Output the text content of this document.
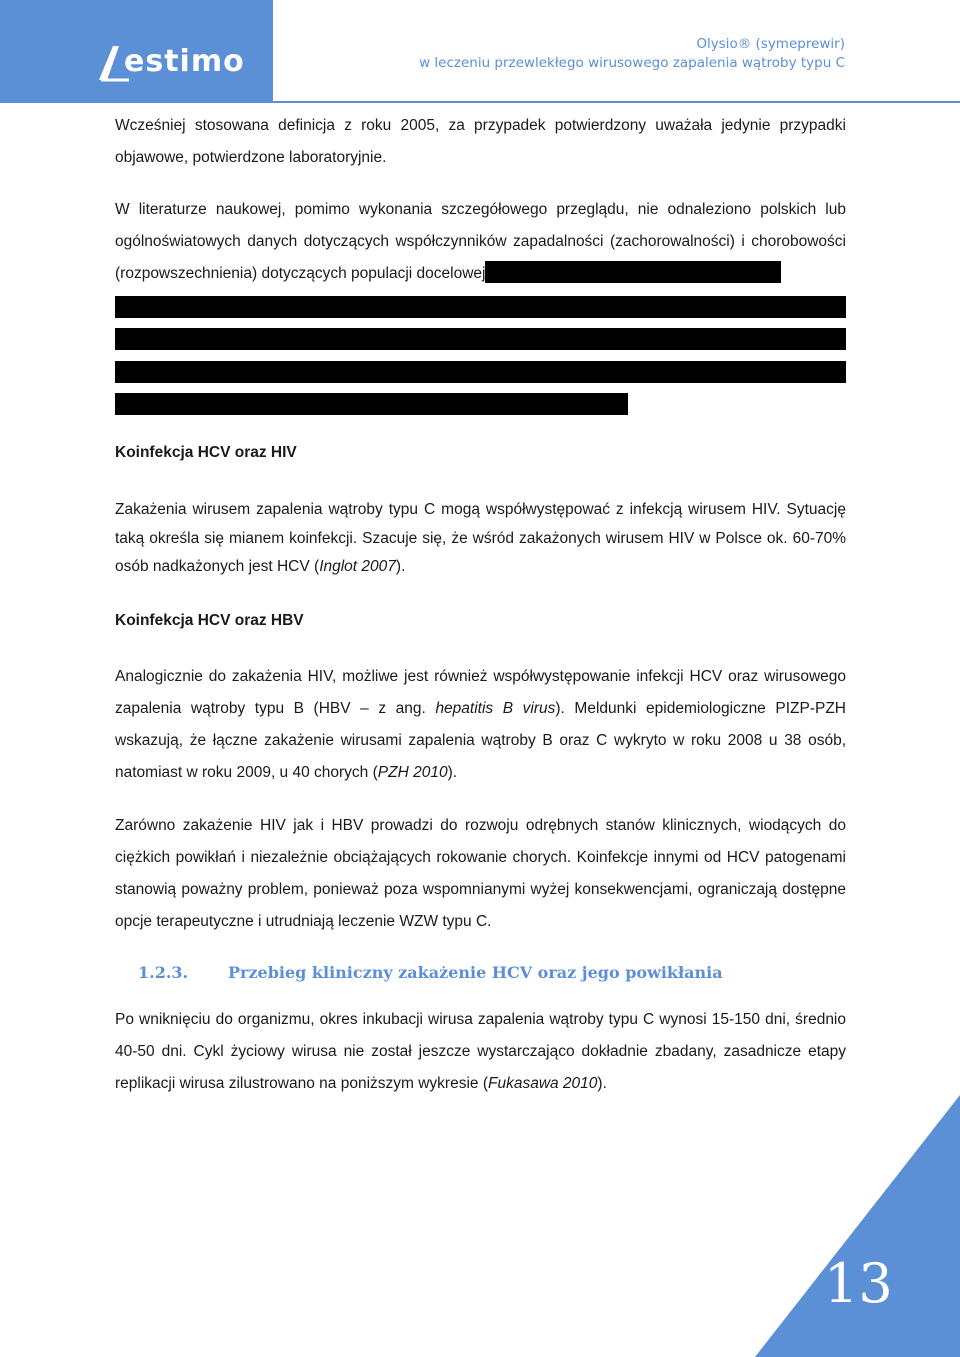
estimo	Olysio® (symeprewir)
w leczeniu przewlekłego wirusowego zapalenia wątroby typu C

Wcześniej stosowana definicja z roku 2005, za przypadek potwierdzony uważała jedynie przypadki objawowe, potwierdzone laboratoryjnie.

W literaturze naukowej, pomimo wykonania szczegółowego przeglądu, nie odnaleziono polskich lub ogólnoświatowych danych dotyczących współczynników zapadalności (zachorowalności) i chorobowości (rozpowszechnienia) dotyczących populacji docelowej

Koinfekcja HCV oraz HIV

Zakażenia wirusem zapalenia wątroby typu C mogą współwystępować z infekcją wirusem HIV. Sytuację taką określa się mianem koinfekcji. Szacuje się, że wśród zakażonych wirusem HIV w Polsce ok. 60-70% osób nadkażonych jest HCV (Inglot 2007).

Koinfekcja HCV oraz HBV

Analogicznie do zakażenia HIV, możliwe jest również współwystępowanie infekcji HCV oraz wirusowego zapalenia wątroby typu B (HBV – z ang. hepatitis B virus). Meldunki epidemiologiczne PIZP-PZH wskazują, że łączne zakażenie wirusami zapalenia wątroby B oraz C wykryto w roku 2008 u 38 osób, natomiast w roku 2009, u 40 chorych (PZH 2010).

Zarówno zakażenie HIV jak i HBV prowadzi do rozwoju odrębnych stanów klinicznych, wiodących do ciężkich powikłań i niezależnie obciążających rokowanie chorych. Koinfekcje innymi od HCV patogenami stanowią poważny problem, ponieważ poza wspomnianymi wyżej konsekwencjami, ograniczają dostępne opcje terapeutyczne i utrudniają leczenie WZW typu C.

1.2.3. Przebieg kliniczny zakażenie HCV oraz jego powikłania

Po wniknięciu do organizmu, okres inkubacji wirusa zapalenia wątroby typu C wynosi 15-150 dni, średnio 40-50 dni. Cykl życiowy wirusa nie został jeszcze wystarczająco dokładnie zbadany, zasadnicze etapy replikacji wirusa zilustrowano na poniższym wykresie (Fukasawa 2010).

13
